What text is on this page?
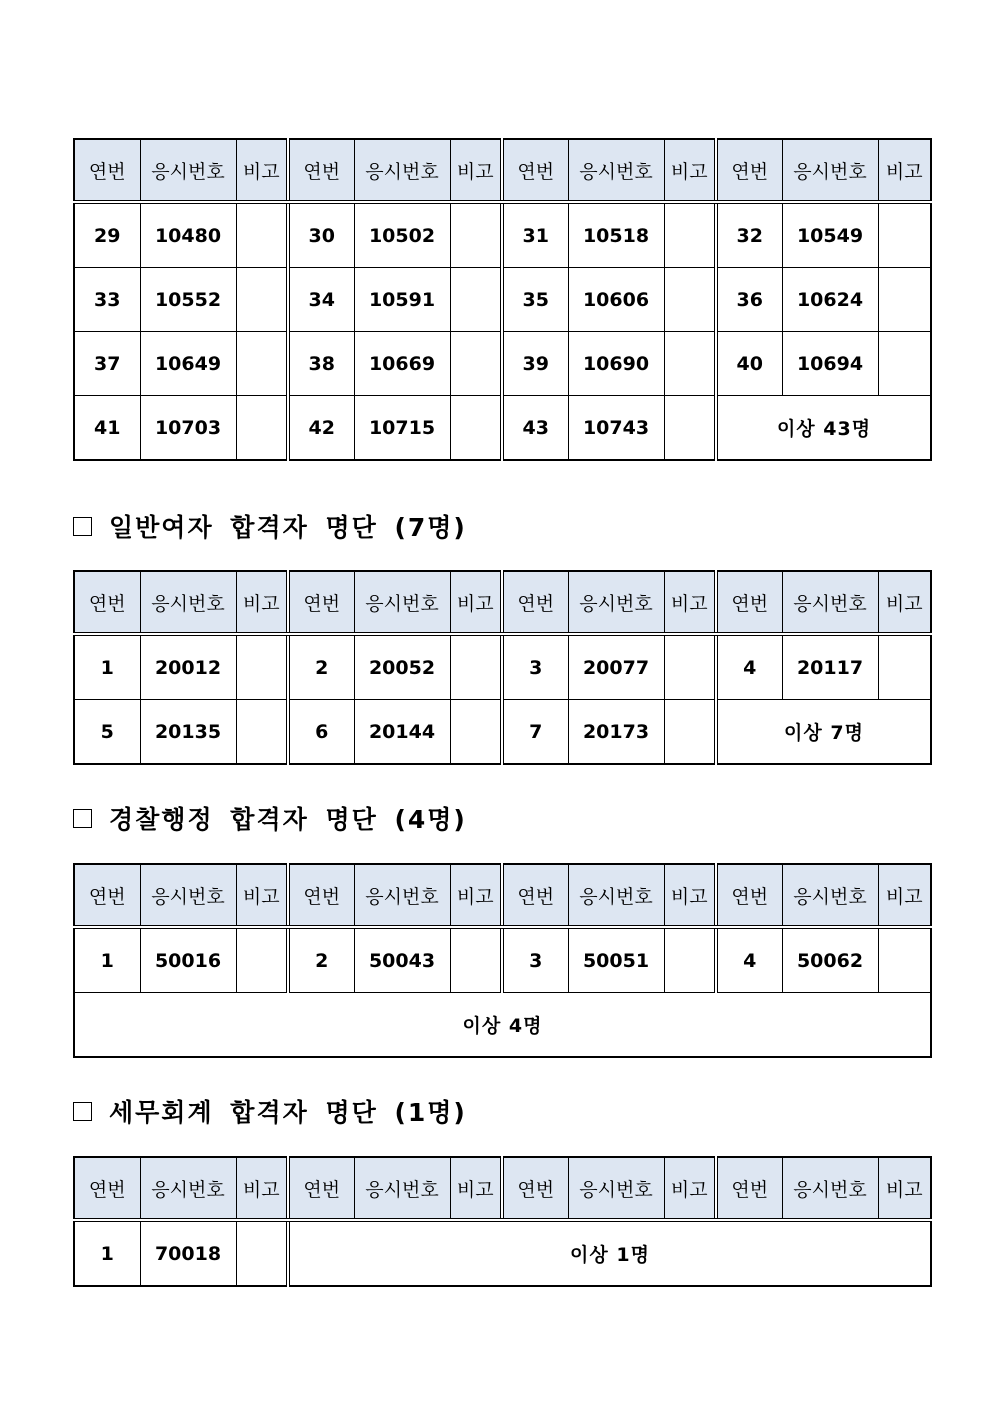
연번	응시번호	비고	연번	응시번호	비고	연번	응시번호	비고	연번	응시번호	비고
29	10480		30	10502		31	10518		32	10549	
33	10552		34	10591		35	10606		36	10624	
37	10649		38	10669		39	10690		40	10694	
41	10703		42	10715		43	10743		이상 43명		
일반여자 합격자 명단 (7명)
연번	응시번호	비고	연번	응시번호	비고	연번	응시번호	비고	연번	응시번호	비고
1	20012		2	20052		3	20077		4	20117	
5	20135		6	20144		7	20173		이상 7명		
경찰행정 합격자 명단 (4명)
연번	응시번호	비고	연번	응시번호	비고	연번	응시번호	비고	연번	응시번호	비고
1	50016		2	50043		3	50051		4	50062	
이상 4명											
세무회계 합격자 명단 (1명)
연번	응시번호	비고	연번	응시번호	비고	연번	응시번호	비고	연번	응시번호	비고
1	70018		이상 1명								
